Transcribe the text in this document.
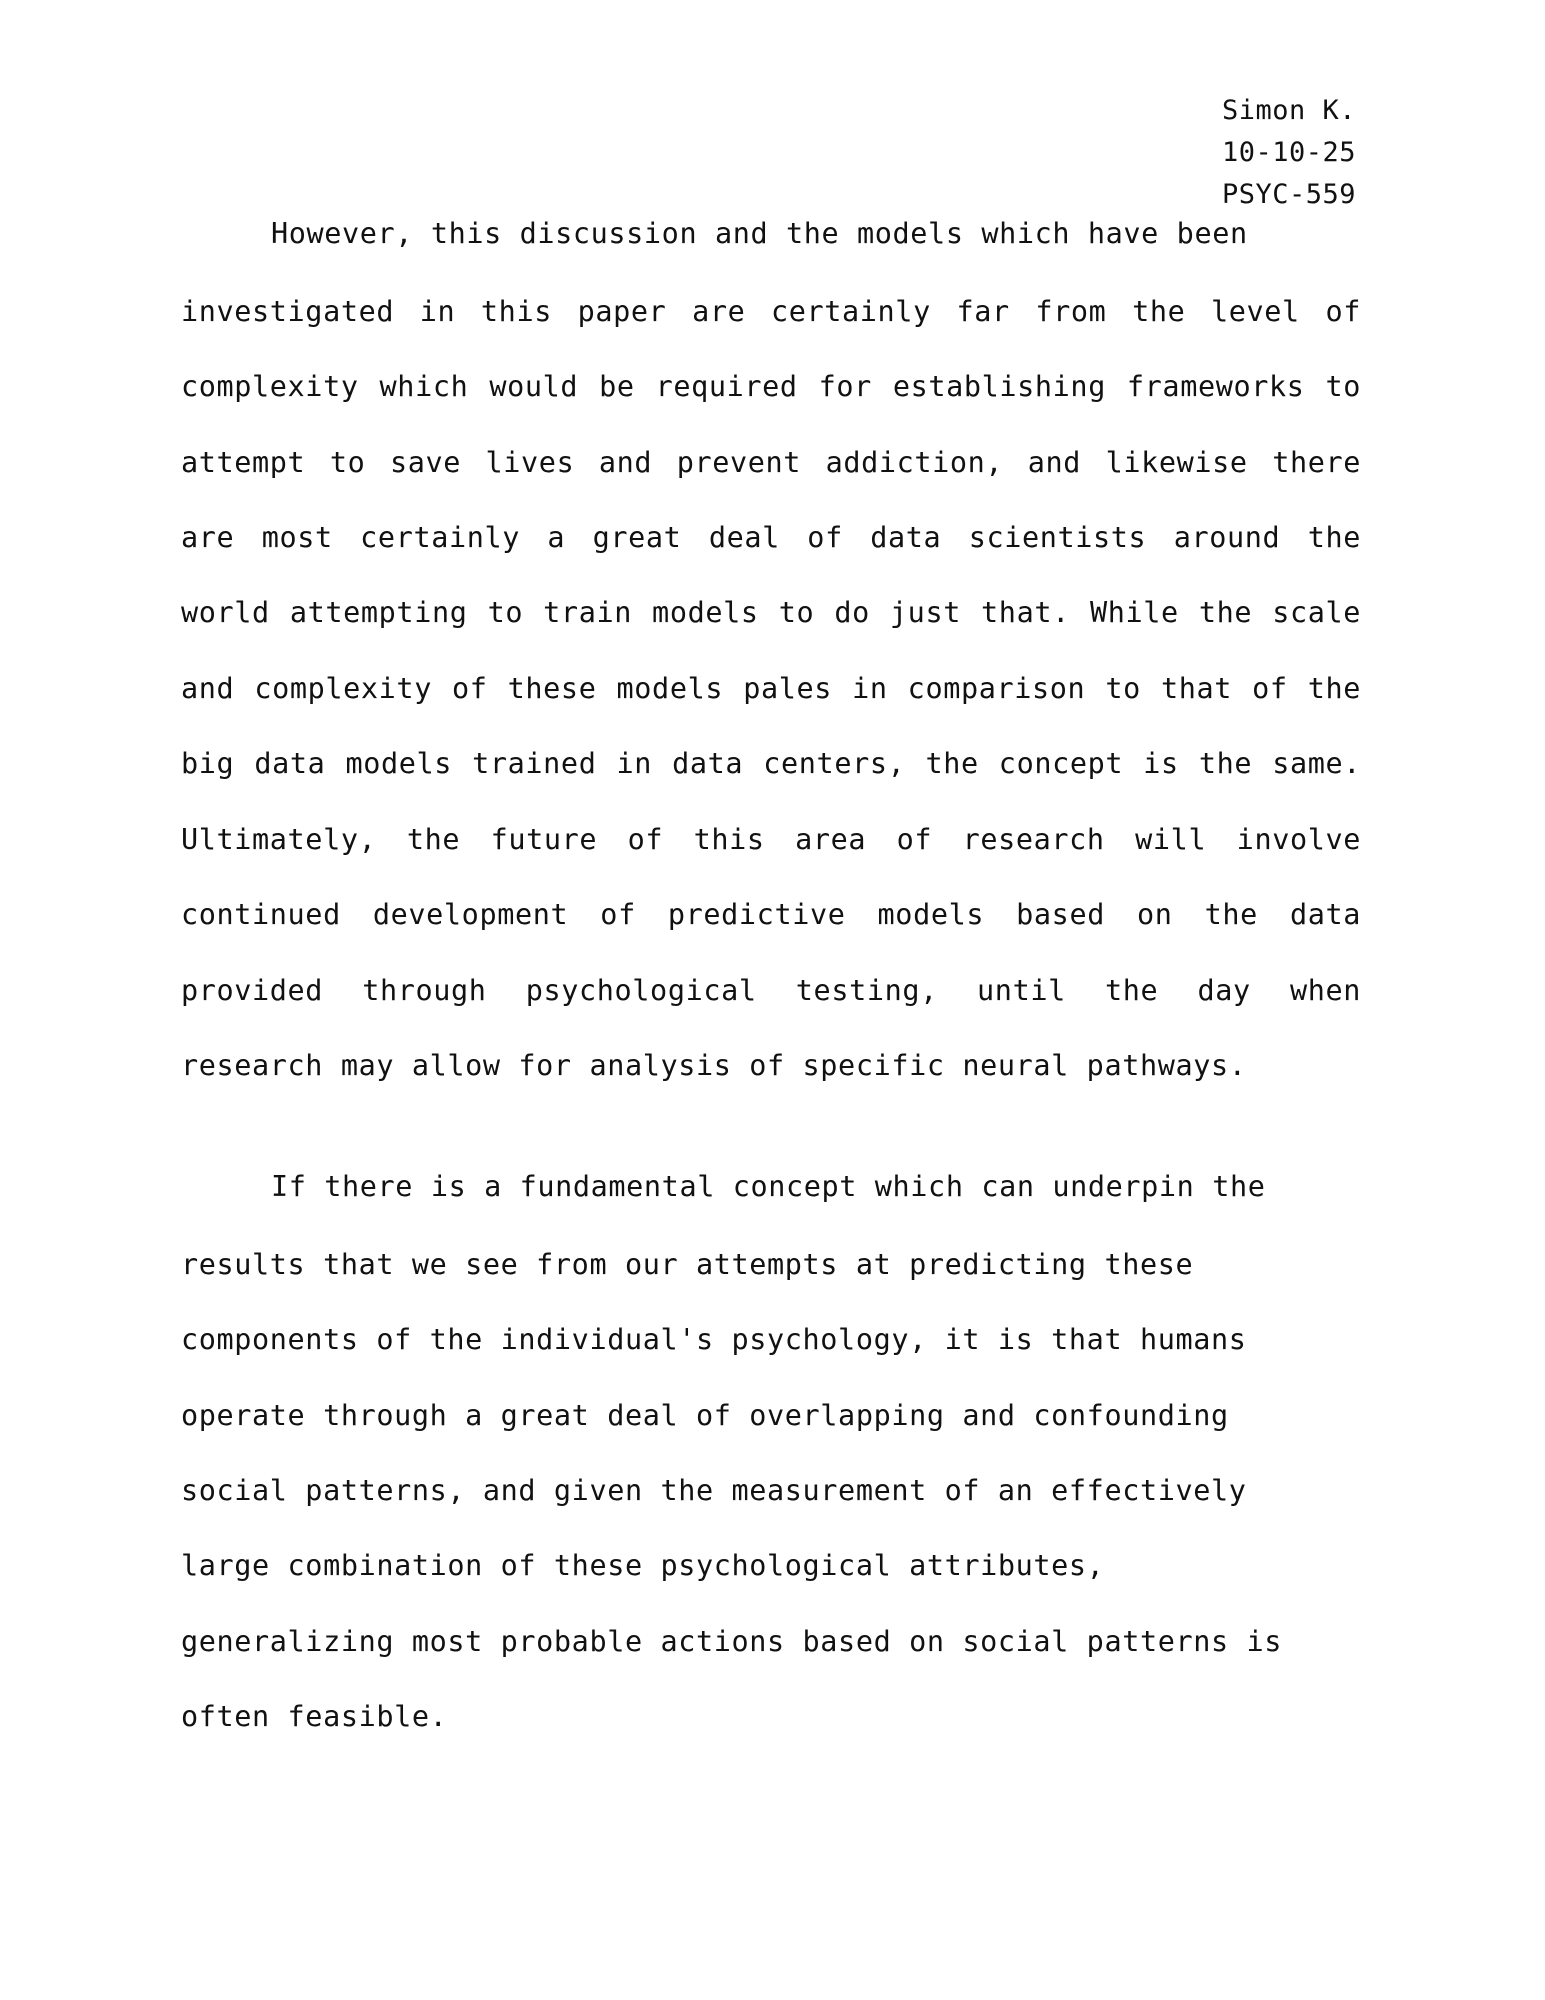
Simon K.
10-10-25
PSYC-559
However, this discussion and the models which have been
investigated in this paper are certainly far from the level of
complexity which would be required for establishing frameworks to
attempt to save lives and prevent addiction, and likewise there
are most certainly a great deal of data scientists around the
world attempting to train models to do just that. While the scale
and complexity of these models pales in comparison to that of the
big data models trained in data centers, the concept is the same.
Ultimately, the future of this area of research will involve
continued development of predictive models based on the data
provided through psychological testing, until the day when
research may allow for analysis of specific neural pathways.
If there is a fundamental concept which can underpin the
results that we see from our attempts at predicting these
components of the individual's psychology, it is that humans
operate through a great deal of overlapping and confounding
social patterns, and given the measurement of an effectively
large combination of these psychological attributes,
generalizing most probable actions based on social patterns is
often feasible.
